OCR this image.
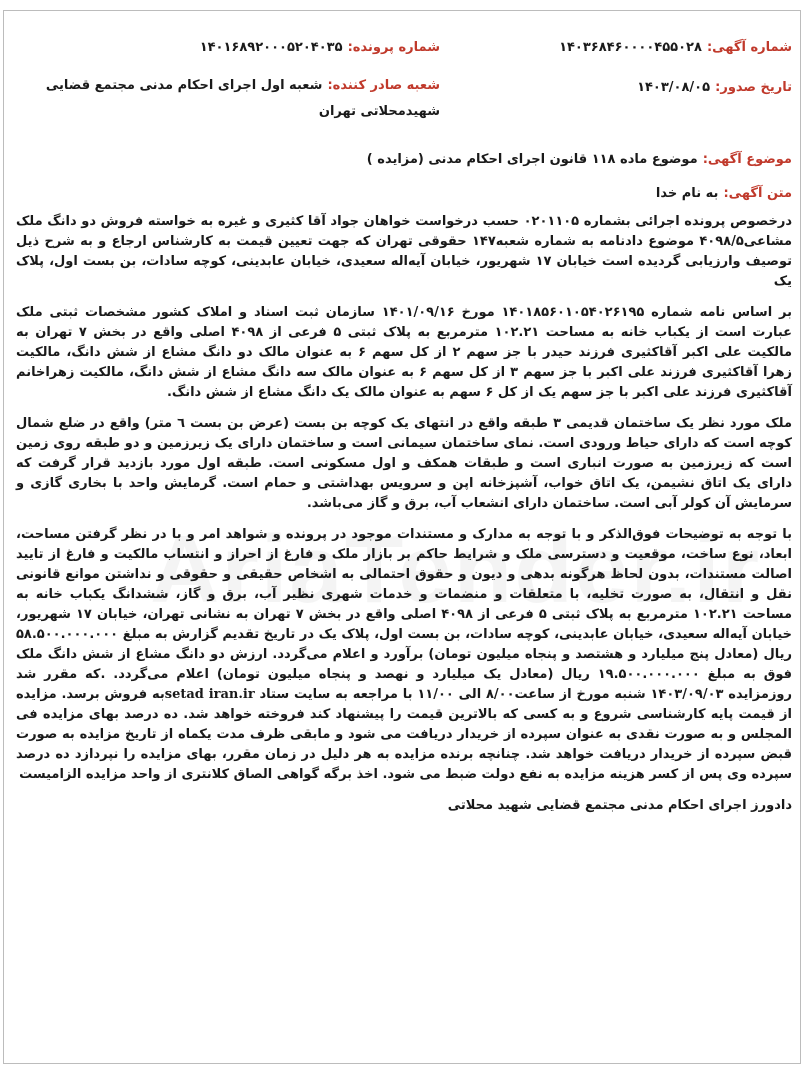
شماره آگهی: ۱۴۰۳۶۸۴۶۰۰۰۰۴۵۵۰۲۸
شماره پرونده: ۱۴۰۱۶۸۹۲۰۰۰۵۲۰۴۰۳۵
تاریخ صدور: ۱۴۰۳/۰۸/۰۵
شعبه صادر کننده: شعبه اول اجرای احکام مدنی مجتمع قضایی شهیدمحلاتی تهران
موضوع آگهی: موضوع ماده ۱۱۸ قانون اجرای احکام مدنی (مزایده )
متن آگهی: به نام خدا

درخصوص پرونده اجرائی بشماره ۰۲۰۱۱۰۵ حسب درخواست خواهان جواد آقا کثیری و غیره به خواسته فروش دو دانگ ملک مشاعی۴۰۹۸/۵ موضوع دادنامه به شماره شعبه۱۴۷ حقوقی تهران که جهت تعیین قیمت به کارشناس ارجاع و به شرح ذیل توصیف وارزیابی گردیده است خیابان ۱۷ شهریور، خیابان آیه‌اله سعیدی، خیابان عابدینی، کوچه سادات، بن بست اول، پلاک یک

بر اساس نامه شماره ۱۴۰۱۸۵۶۰۱۰۵۴۰۲۶۱۹۵ مورخ ۱۴۰۱/۰۹/۱۶ سازمان ثبت اسناد و املاک کشور مشخصات ثبتی ملک عبارت است از یکباب خانه به مساحت ۱۰۲.۲۱ مترمربع به پلاک ثبتی ۵ فرعی از ۴۰۹۸ اصلی واقع در بخش ۷ تهران به مالکیت علی اکبر آقاکثیری فرزند حیدر با جز سهم ۲ از کل سهم ۶ به عنوان مالک دو دانگ مشاع از شش دانگ، مالکیت زهرا آقاکثیری فرزند علی اکبر با جز سهم ۳ از کل سهم ۶ به عنوان مالک سه دانگ مشاع از شش دانگ، مالکیت زهراخانم آقاکثیری فرزند علی اکبر با جز سهم یک از کل ۶ سهم به عنوان مالک یک دانگ مشاع از شش دانگ.

ملک مورد نظر یک ساختمان قدیمی ۳ طبقه واقع در انتهای یک کوچه بن بست (عرض بن بست ٦ متر) واقع در ضلع شمال کوچه است که دارای حیاط ورودی است. نمای ساختمان سیمانی است و ساختمان دارای یک زیرزمین و دو طبقه روی زمین است که زیرزمین به صورت انباری است و طبقات همکف و اول مسکونی است. طبقه اول مورد بازدید قرار گرفت که دارای یک اتاق نشیمن، یک اتاق خواب، آشپزخانه اپن و سرویس بهداشتی و حمام است. گرمایش واحد با بخاری گازی و سرمایش آن کولر آبی است. ساختمان دارای انشعاب آب، برق و گاز می‌باشد.

با توجه به توضیحات فوق‌الذکر و با توجه به مدارک و مستندات موجود در پرونده و شواهد امر و با در نظر گرفتن مساحت، ابعاد، نوع ساخت، موقعیت و دسترسی ملک و شرایط حاکم بر بازار ملک و فارغ از احراز و انتساب مالکیت و فارغ از تایید اصالت مستندات، بدون لحاظ هرگونه بدهی و دیون و حقوق احتمالی به اشخاص حقیقی و حقوقی و نداشتن موانع قانونی نقل و انتقال، به صورت تخلیه، با متعلقات و منضمات و خدمات شهری نظیر آب، برق و گاز، ششدانگ یکباب خانه به مساحت ۱۰۲.۲۱ مترمربع به پلاک ثبتی ۵ فرعی از ۴۰۹۸ اصلی واقع در بخش ۷ تهران به نشانی تهران، خیابان ۱۷ شهریور، خیابان آیه‌اله سعیدی، خیابان عابدینی، کوچه سادات، بن بست اول، پلاک یک در تاریخ تقدیم گزارش به مبلغ ۵۸.۵۰۰.۰۰۰.۰۰۰ ریال (معادل پنج میلیارد و هشتصد و پنجاه میلیون تومان) برآورد و اعلام می‌گردد. ارزش دو دانگ مشاع از شش دانگ ملک فوق به مبلغ ۱۹.۵۰۰.۰۰۰.۰۰۰ ریال (معادل یک میلیارد و نهصد و پنجاه میلیون تومان) اعلام می‌گردد. .که مقرر شد روزمزایده ۱۴۰۳/۰۹/۰۳ شنبه مورخ از ساعت۸/۰۰ الی ۱۱/۰۰ با مراجعه به سایت ستاد setad iran.irبه فروش برسد. مزایده از قیمت پایه کارشناسی شروع و به کسی که بالاترین قیمت را پیشنهاد کند فروخته خواهد شد. ده درصد بهای مزایده فی المجلس و به صورت نقدی به عنوان سپرده از خریدار دریافت می شود و مابقی ظرف مدت یکماه از تاریخ مزایده به صورت قبض سپرده از خریدار دریافت خواهد شد. چنانچه برنده مزایده به هر دلیل در زمان مقرر، بهای مزایده را نپردازد ده درصد سپرده وی پس از کسر هزینه مزایده به نفع دولت ضبط می شود. اخذ برگه گواهی الصاق کلانتری از واحد مزایده الزامیست

دادورز اجرای احکام مدنی مجتمع قضایی شهید محلاتی
